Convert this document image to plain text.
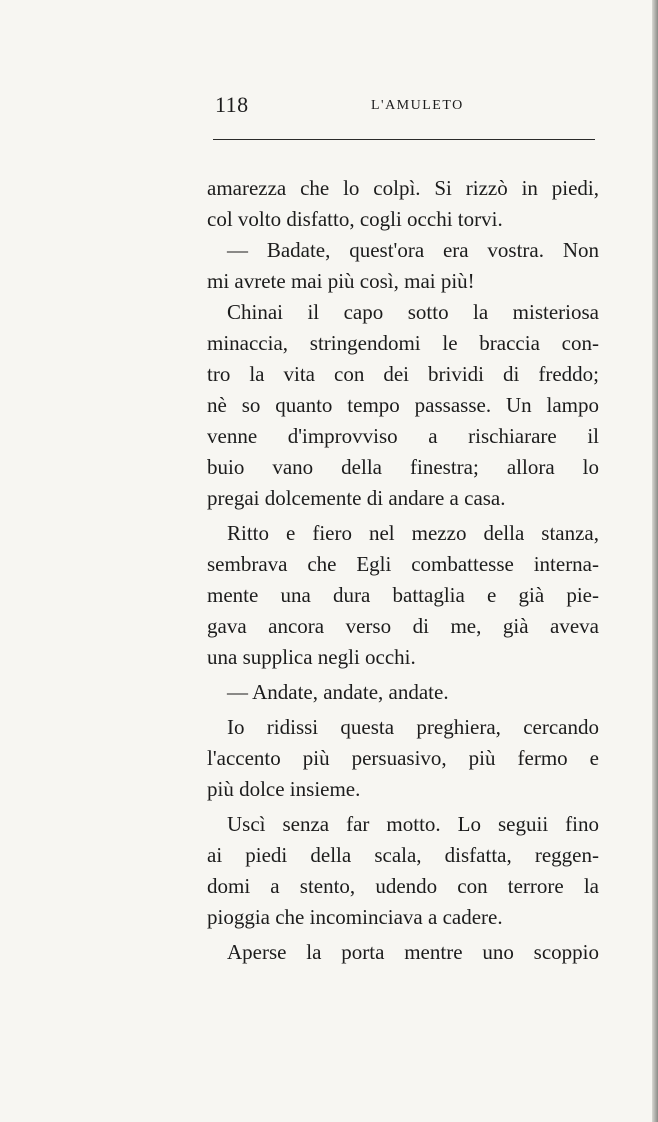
118	L'AMULETO
amarezza che lo colpì. Si rizzò in piedi,
col volto disfatto, cogli occhi torvi.
— Badate, quest'ora era vostra. Non
mi avrete mai più così, mai più!
Chinai il capo sotto la misteriosa
minaccia, stringendomi le braccia con-
tro la vita con dei brividi di freddo;
nè so quanto tempo passasse. Un lampo
venne d'improvviso a rischiarare il
buio vano della finestra; allora lo
pregai dolcemente di andare a casa.
Ritto e fiero nel mezzo della stanza,
sembrava che Egli combattesse interna-
mente una dura battaglia e già pie-
gava ancora verso di me, già aveva
una supplica negli occhi.
— Andate, andate, andate.
Io ridissi questa preghiera, cercando
l'accento più persuasivo, più fermo e
più dolce insieme.
Uscì senza far motto. Lo seguii fino
ai piedi della scala, disfatta, reggen-
domi a stento, udendo con terrore la
pioggia che incominciava a cadere.
Aperse la porta mentre uno scoppio
